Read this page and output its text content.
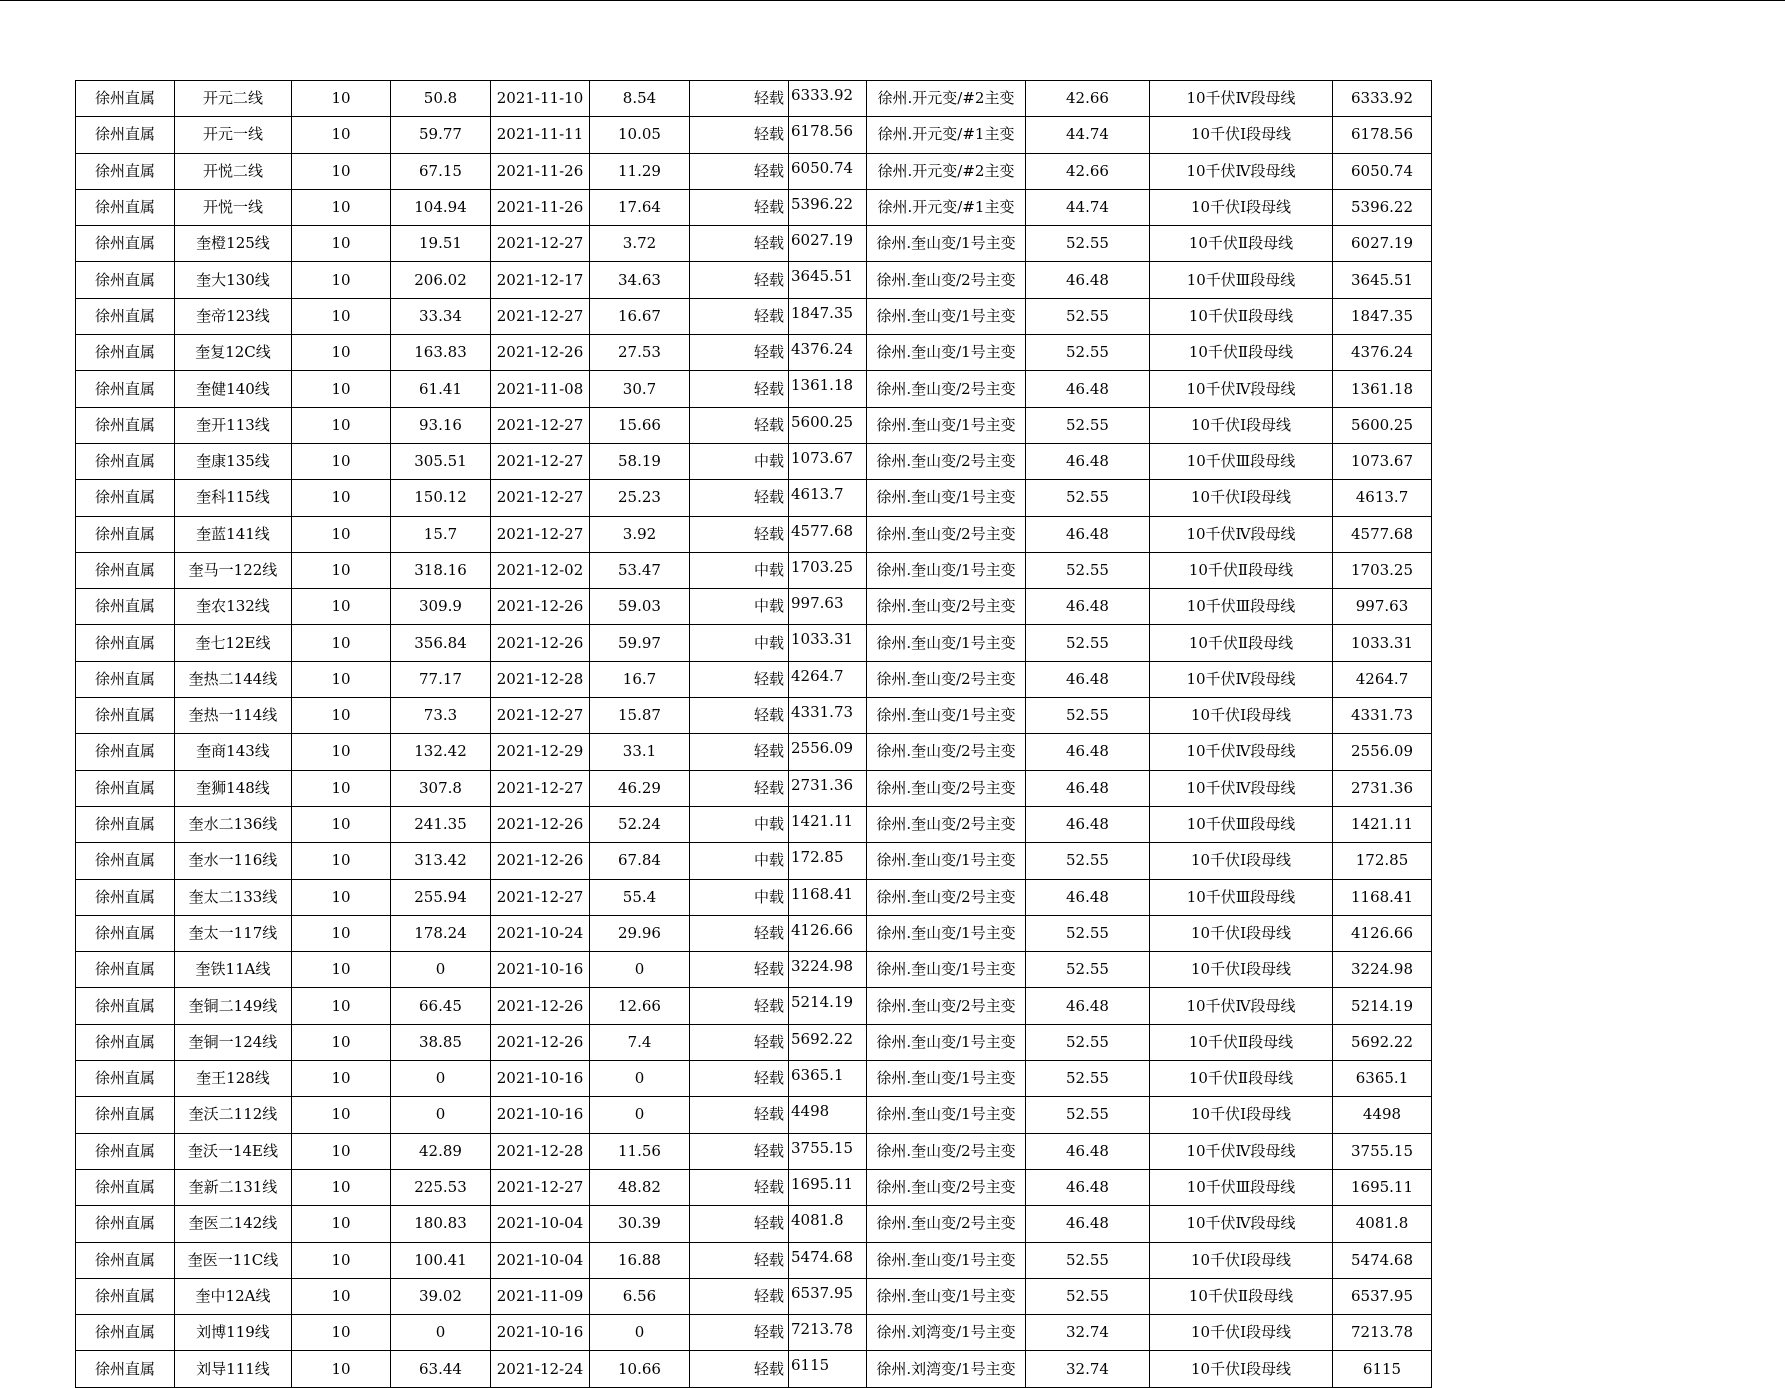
徐州直属	开元二线	10	50.8	2021-11-10	8.54	轻载	6333.92	徐州.开元变/#2主变	42.66	10千伏Ⅳ段母线	6333.92
徐州直属	开元一线	10	59.77	2021-11-11	10.05	轻载	6178.56	徐州.开元变/#1主变	44.74	10千伏Ⅰ段母线	6178.56
徐州直属	开悦二线	10	67.15	2021-11-26	11.29	轻载	6050.74	徐州.开元变/#2主变	42.66	10千伏Ⅳ段母线	6050.74
徐州直属	开悦一线	10	104.94	2021-11-26	17.64	轻载	5396.22	徐州.开元变/#1主变	44.74	10千伏Ⅰ段母线	5396.22
徐州直属	奎橙125线	10	19.51	2021-12-27	3.72	轻载	6027.19	徐州.奎山变/1号主变	52.55	10千伏Ⅱ段母线	6027.19
徐州直属	奎大130线	10	206.02	2021-12-17	34.63	轻载	3645.51	徐州.奎山变/2号主变	46.48	10千伏Ⅲ段母线	3645.51
徐州直属	奎帝123线	10	33.34	2021-12-27	16.67	轻载	1847.35	徐州.奎山变/1号主变	52.55	10千伏Ⅱ段母线	1847.35
徐州直属	奎复12C线	10	163.83	2021-12-26	27.53	轻载	4376.24	徐州.奎山变/1号主变	52.55	10千伏Ⅱ段母线	4376.24
徐州直属	奎健140线	10	61.41	2021-11-08	30.7	轻载	1361.18	徐州.奎山变/2号主变	46.48	10千伏Ⅳ段母线	1361.18
徐州直属	奎开113线	10	93.16	2021-12-27	15.66	轻载	5600.25	徐州.奎山变/1号主变	52.55	10千伏Ⅰ段母线	5600.25
徐州直属	奎康135线	10	305.51	2021-12-27	58.19	中载	1073.67	徐州.奎山变/2号主变	46.48	10千伏Ⅲ段母线	1073.67
徐州直属	奎科115线	10	150.12	2021-12-27	25.23	轻载	4613.7	徐州.奎山变/1号主变	52.55	10千伏Ⅰ段母线	4613.7
徐州直属	奎蓝141线	10	15.7	2021-12-27	3.92	轻载	4577.68	徐州.奎山变/2号主变	46.48	10千伏Ⅳ段母线	4577.68
徐州直属	奎马一122线	10	318.16	2021-12-02	53.47	中载	1703.25	徐州.奎山变/1号主变	52.55	10千伏Ⅱ段母线	1703.25
徐州直属	奎农132线	10	309.9	2021-12-26	59.03	中载	997.63	徐州.奎山变/2号主变	46.48	10千伏Ⅲ段母线	997.63
徐州直属	奎七12E线	10	356.84	2021-12-26	59.97	中载	1033.31	徐州.奎山变/1号主变	52.55	10千伏Ⅱ段母线	1033.31
徐州直属	奎热二144线	10	77.17	2021-12-28	16.7	轻载	4264.7	徐州.奎山变/2号主变	46.48	10千伏Ⅳ段母线	4264.7
徐州直属	奎热一114线	10	73.3	2021-12-27	15.87	轻载	4331.73	徐州.奎山变/1号主变	52.55	10千伏Ⅰ段母线	4331.73
徐州直属	奎商143线	10	132.42	2021-12-29	33.1	轻载	2556.09	徐州.奎山变/2号主变	46.48	10千伏Ⅳ段母线	2556.09
徐州直属	奎狮148线	10	307.8	2021-12-27	46.29	轻载	2731.36	徐州.奎山变/2号主变	46.48	10千伏Ⅳ段母线	2731.36
徐州直属	奎水二136线	10	241.35	2021-12-26	52.24	中载	1421.11	徐州.奎山变/2号主变	46.48	10千伏Ⅲ段母线	1421.11
徐州直属	奎水一116线	10	313.42	2021-12-26	67.84	中载	172.85	徐州.奎山变/1号主变	52.55	10千伏Ⅰ段母线	172.85
徐州直属	奎太二133线	10	255.94	2021-12-27	55.4	中载	1168.41	徐州.奎山变/2号主变	46.48	10千伏Ⅲ段母线	1168.41
徐州直属	奎太一117线	10	178.24	2021-10-24	29.96	轻载	4126.66	徐州.奎山变/1号主变	52.55	10千伏Ⅰ段母线	4126.66
徐州直属	奎铁11A线	10	0	2021-10-16	0	轻载	3224.98	徐州.奎山变/1号主变	52.55	10千伏Ⅰ段母线	3224.98
徐州直属	奎铜二149线	10	66.45	2021-12-26	12.66	轻载	5214.19	徐州.奎山变/2号主变	46.48	10千伏Ⅳ段母线	5214.19
徐州直属	奎铜一124线	10	38.85	2021-12-26	7.4	轻载	5692.22	徐州.奎山变/1号主变	52.55	10千伏Ⅱ段母线	5692.22
徐州直属	奎王128线	10	0	2021-10-16	0	轻载	6365.1	徐州.奎山变/1号主变	52.55	10千伏Ⅱ段母线	6365.1
徐州直属	奎沃二112线	10	0	2021-10-16	0	轻载	4498	徐州.奎山变/1号主变	52.55	10千伏Ⅰ段母线	4498
徐州直属	奎沃一14E线	10	42.89	2021-12-28	11.56	轻载	3755.15	徐州.奎山变/2号主变	46.48	10千伏Ⅳ段母线	3755.15
徐州直属	奎新二131线	10	225.53	2021-12-27	48.82	轻载	1695.11	徐州.奎山变/2号主变	46.48	10千伏Ⅲ段母线	1695.11
徐州直属	奎医二142线	10	180.83	2021-10-04	30.39	轻载	4081.8	徐州.奎山变/2号主变	46.48	10千伏Ⅳ段母线	4081.8
徐州直属	奎医一11C线	10	100.41	2021-10-04	16.88	轻载	5474.68	徐州.奎山变/1号主变	52.55	10千伏Ⅰ段母线	5474.68
徐州直属	奎中12A线	10	39.02	2021-11-09	6.56	轻载	6537.95	徐州.奎山变/1号主变	52.55	10千伏Ⅱ段母线	6537.95
徐州直属	刘博119线	10	0	2021-10-16	0	轻载	7213.78	徐州.刘湾变/1号主变	32.74	10千伏Ⅰ段母线	7213.78
徐州直属	刘导111线	10	63.44	2021-12-24	10.66	轻载	6115	徐州.刘湾变/1号主变	32.74	10千伏Ⅰ段母线	6115
